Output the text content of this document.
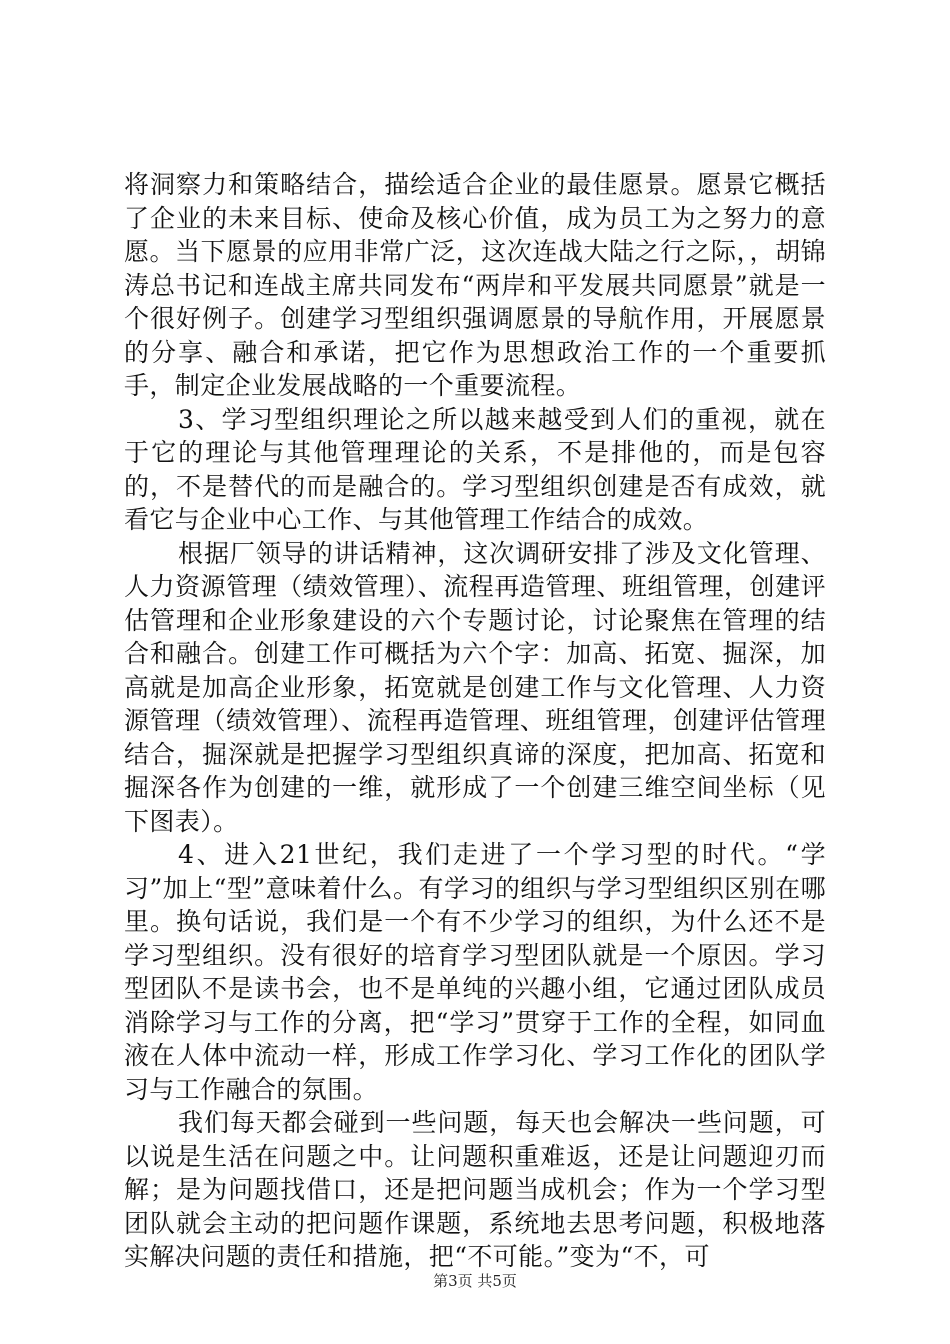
将洞察力和策略结合，描绘适合企业的最佳愿景。愿景它概括了企业的未来目标、使命及核心价值，成为员工为之努力的意愿。当下愿景的应用非常广泛，这次连战大陆之行之际，，胡锦涛总书记和连战主席共同发布“两岸和平发展共同愿景”就是一个很好例子。创建学习型组织强调愿景的导航作用，开展愿景的分享、融合和承诺，把它作为思想政治工作的一个重要抓手，制定企业发展战略的一个重要流程。

3、学习型组织理论之所以越来越受到人们的重视，就在于它的理论与其他管理理论的关系，不是排他的，而是包容的，不是替代的而是融合的。学习型组织创建是否有成效，就看它与企业中心工作、与其他管理工作结合的成效。

根据厂领导的讲话精神，这次调研安排了涉及文化管理、人力资源管理（绩效管理）、流程再造管理、班组管理，创建评估管理和企业形象建设的六个专题讨论，讨论聚焦在管理的结合和融合。创建工作可概括为六个字：加高、拓宽、掘深，加高就是加高企业形象，拓宽就是创建工作与文化管理、人力资源管理（绩效管理）、流程再造管理、班组管理，创建评估管理结合，掘深就是把握学习型组织真谛的深度，把加高、拓宽和掘深各作为创建的一维，就形成了一个创建三维空间坐标（见下图表）。

4、进入21世纪，我们走进了一个学习型的时代。“学习”加上“型”意味着什么。有学习的组织与学习型组织区别在哪里。换句话说，我们是一个有不少学习的组织，为什么还不是学习型组织。没有很好的培育学习型团队就是一个原因。学习型团队不是读书会，也不是单纯的兴趣小组，它通过团队成员消除学习与工作的分离，把“学习”贯穿于工作的全程，如同血液在人体中流动一样，形成工作学习化、学习工作化的团队学习与工作融合的氛围。

我们每天都会碰到一些问题，每天也会解决一些问题，可以说是生活在问题之中。让问题积重难返，还是让问题迎刃而解；是为问题找借口，还是把问题当成机会；作为一个学习型团队就会主动的把问题作课题，系统地去思考问题，积极地落实解决问题的责任和措施，把“不可能。”变为“不，可

第3页 共5页
